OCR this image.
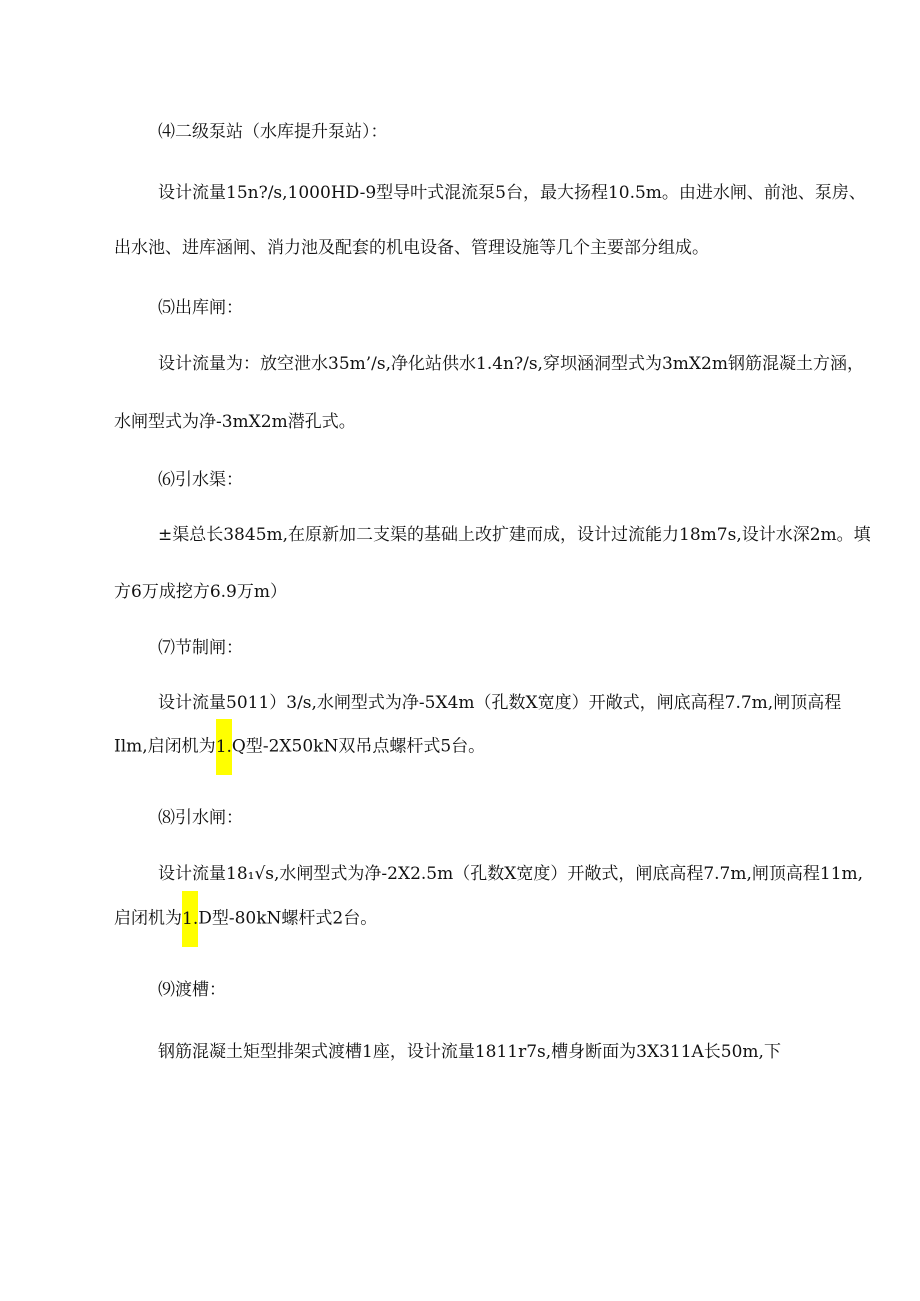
⑷二级泵站（水库提升泵站）：
设计流量15n?/s,1000HD-9型导叶式混流泵5台，最大扬程10.5m。由进水闸、前池、泵房、
出水池、进库涵闸、消力池及配套的机电设备、管理设施等几个主要部分组成。
⑸出库闸：
设计流量为：放空泄水35m’/s,净化站供水1.4n?/s,穿坝涵洞型式为3mX2m钢筋混凝土方涵，
水闸型式为净-3mX2m潜孔式。
⑹引水渠：
±渠总长3845m,在原新加二支渠的基础上改扩建而成，设计过流能力18m7s,设计水深2m。填
方6万成挖方6.9万m）
⑺节制闸：
设计流量5011）3/s,水闸型式为净-5X4m（孔数X宽度）开敞式，闸底高程7.7m,闸顶高程
Ilm,启闭机为1.Q型-2X50kN双吊点螺杆式5台。
⑻引水闸：
设计流量18₁√s,水闸型式为净-2X2.5m（孔数X宽度）开敞式，闸底高程7.7m,闸顶高程11m,
启闭机为1.D型-80kN螺杆式2台。
⑼渡槽：
钢筋混凝土矩型排架式渡槽1座，设计流量1811r7s,槽身断面为3X311A长50m,下
